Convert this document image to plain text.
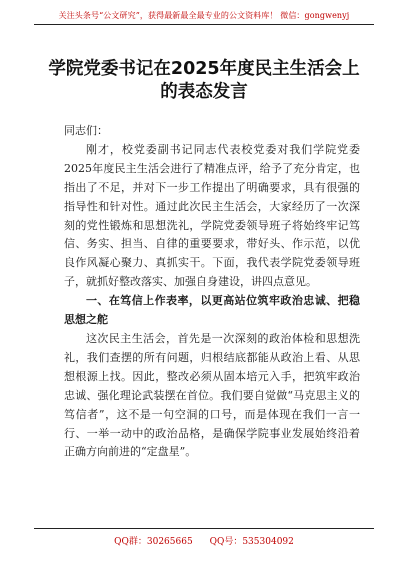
关注头条号“公文研究”，获得最新最全最专业的公文资料库！ 微信：gongwenyj
学院党委书记在2025年度民主生活会上
的表态发言

同志们：

刚才，校党委副书记同志代表校党委对我们学院党委2025年度民主生活会进行了精准点评，给予了充分肯定，也指出了不足，并对下一步工作提出了明确要求，具有很强的指导性和针对性。通过此次民主生活会，大家经历了一次深刻的党性锻炼和思想洗礼，学院党委领导班子将始终牢记笃信、务实、担当、自律的重要要求，带好头、作示范，以优良作风凝心聚力、真抓实干。下面，我代表学院党委领导班子，就抓好整改落实、加强自身建设，讲四点意见。

一、在笃信上作表率，以更高站位筑牢政治忠诚、把稳思想之舵

这次民主生活会，首先是一次深刻的政治体检和思想洗礼，我们查摆的所有问题，归根结底都能从政治上看、从思想根源上找。因此，整改必须从固本培元入手，把筑牢政治忠诚、强化理论武装摆在首位。我们要自觉做“马克思主义的笃信者”，这不是一句空洞的口号，而是体现在我们一言一行、一举一动中的政治品格，是确保学院事业发展始终沿着正确方向前进的“定盘星”。

QQ群：30265665 QQ号：535304092
